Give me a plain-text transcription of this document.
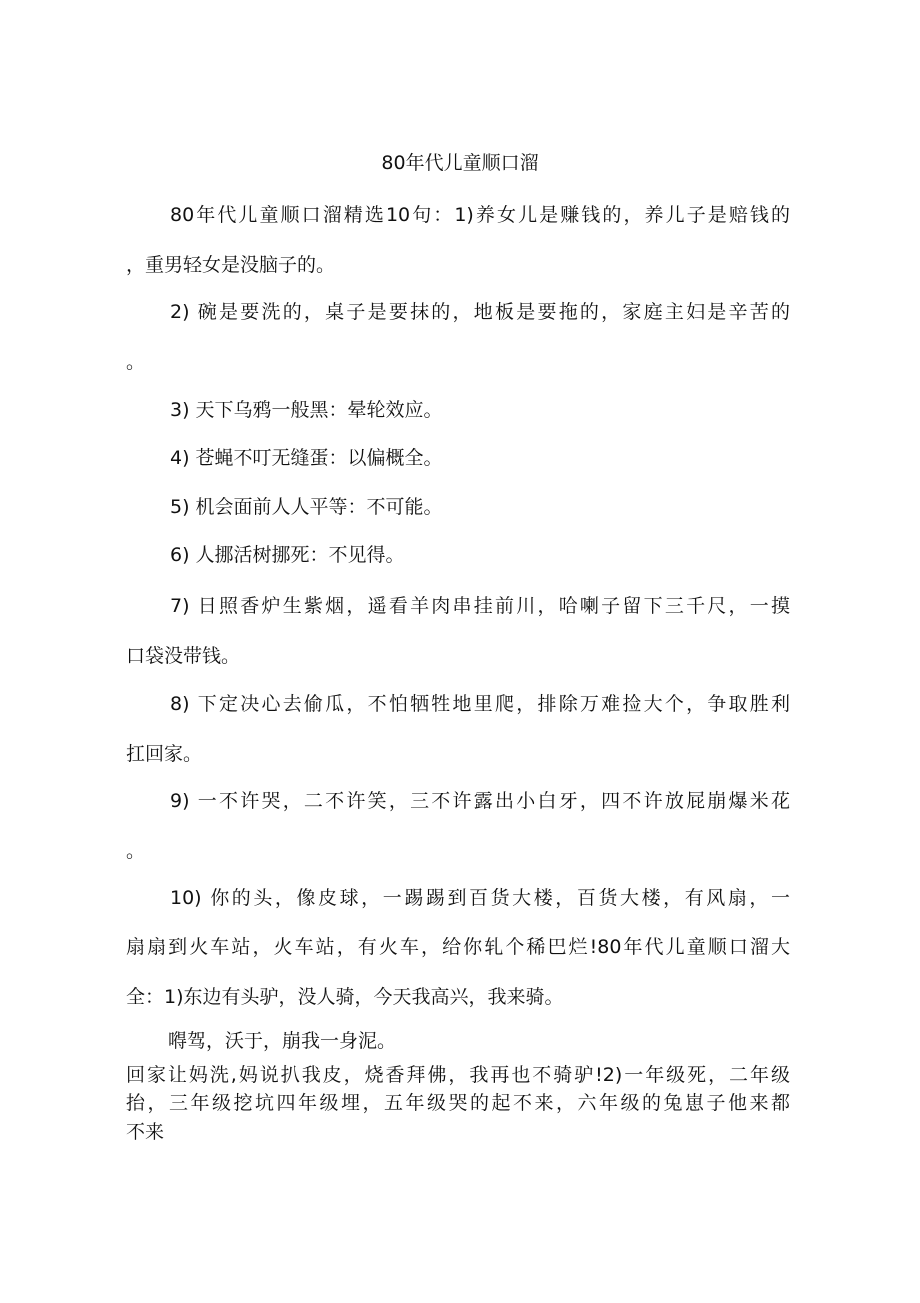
80年代儿童顺口溜
80年代儿童顺口溜精选10句：1)养女儿是赚钱的，养儿子是赔钱的
，重男轻女是没脑子的。
2) 碗是要洗的，桌子是要抹的，地板是要拖的，家庭主妇是辛苦的
。
3) 天下乌鸦一般黑：晕轮效应。
4) 苍蝇不叮无缝蛋：以偏概全。
5) 机会面前人人平等：不可能。
6) 人挪活树挪死：不见得。
7) 日照香炉生紫烟，遥看羊肉串挂前川，哈喇子留下三千尺，一摸
口袋没带钱。
8) 下定决心去偷瓜，不怕牺牲地里爬，排除万难捡大个，争取胜利
扛回家。
9) 一不许哭，二不许笑，三不许露出小白牙，四不许放屁崩爆米花
。
10) 你的头，像皮球，一踢踢到百货大楼，百货大楼，有风扇，一
扇扇到火车站，火车站，有火车，给你轧个稀巴烂!80年代儿童顺口溜大
全：1)东边有头驴，没人骑，今天我高兴，我来骑。
嘚驾，沃于，崩我一身泥。
回家让妈洗,妈说扒我皮，烧香拜佛，我再也不骑驴!2)一年级死，二年级
抬，三年级挖坑四年级埋，五年级哭的起不来，六年级的兔崽子他来都
不来
